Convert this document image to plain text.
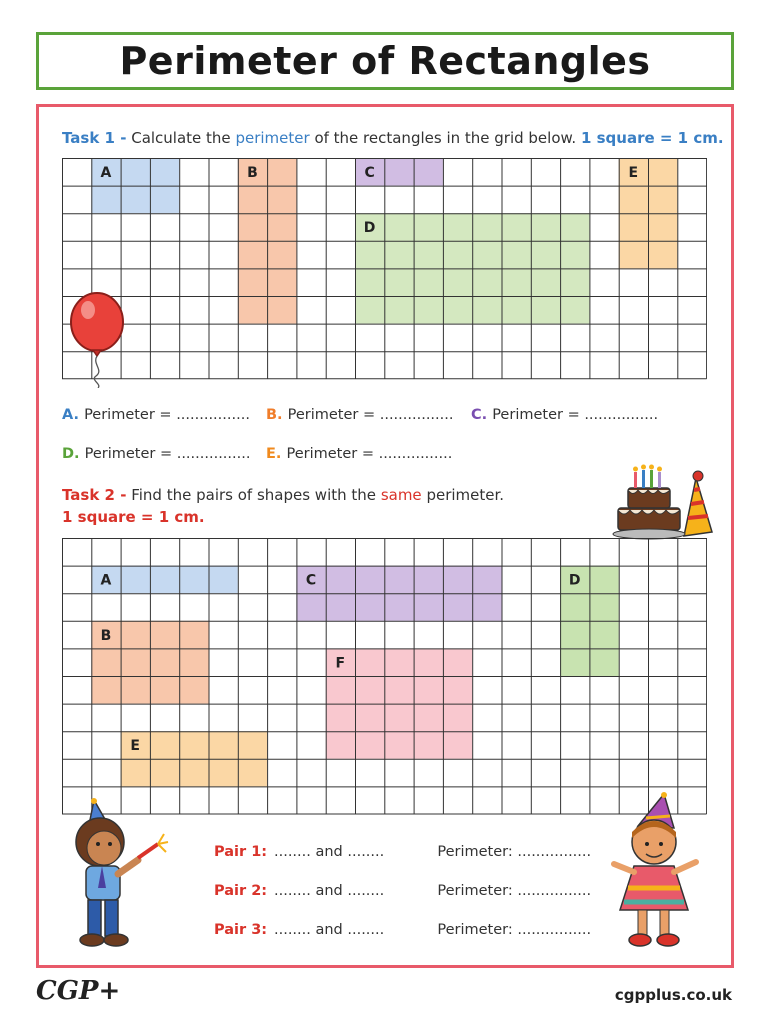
Perimeter of Rectangles
Task 1 - Calculate the perimeter of the rectangles in the grid below. 1 square = 1 cm.
A	B	C
D
E
A. Perimeter = ................ B. Perimeter = ................ C. Perimeter = ................
D. Perimeter = ................ E. Perimeter = ................
Task 2 - Find the pairs of shapes with the same perimeter.
1 square = 1 cm.
A
B
C	D
E
F
Pair 1: ........ and ........	Perimeter: ................
Pair 2: ........ and ........	Perimeter: ................
Pair 3: ........ and ........	Perimeter: ................
CGP+	cgpplus.co.uk
